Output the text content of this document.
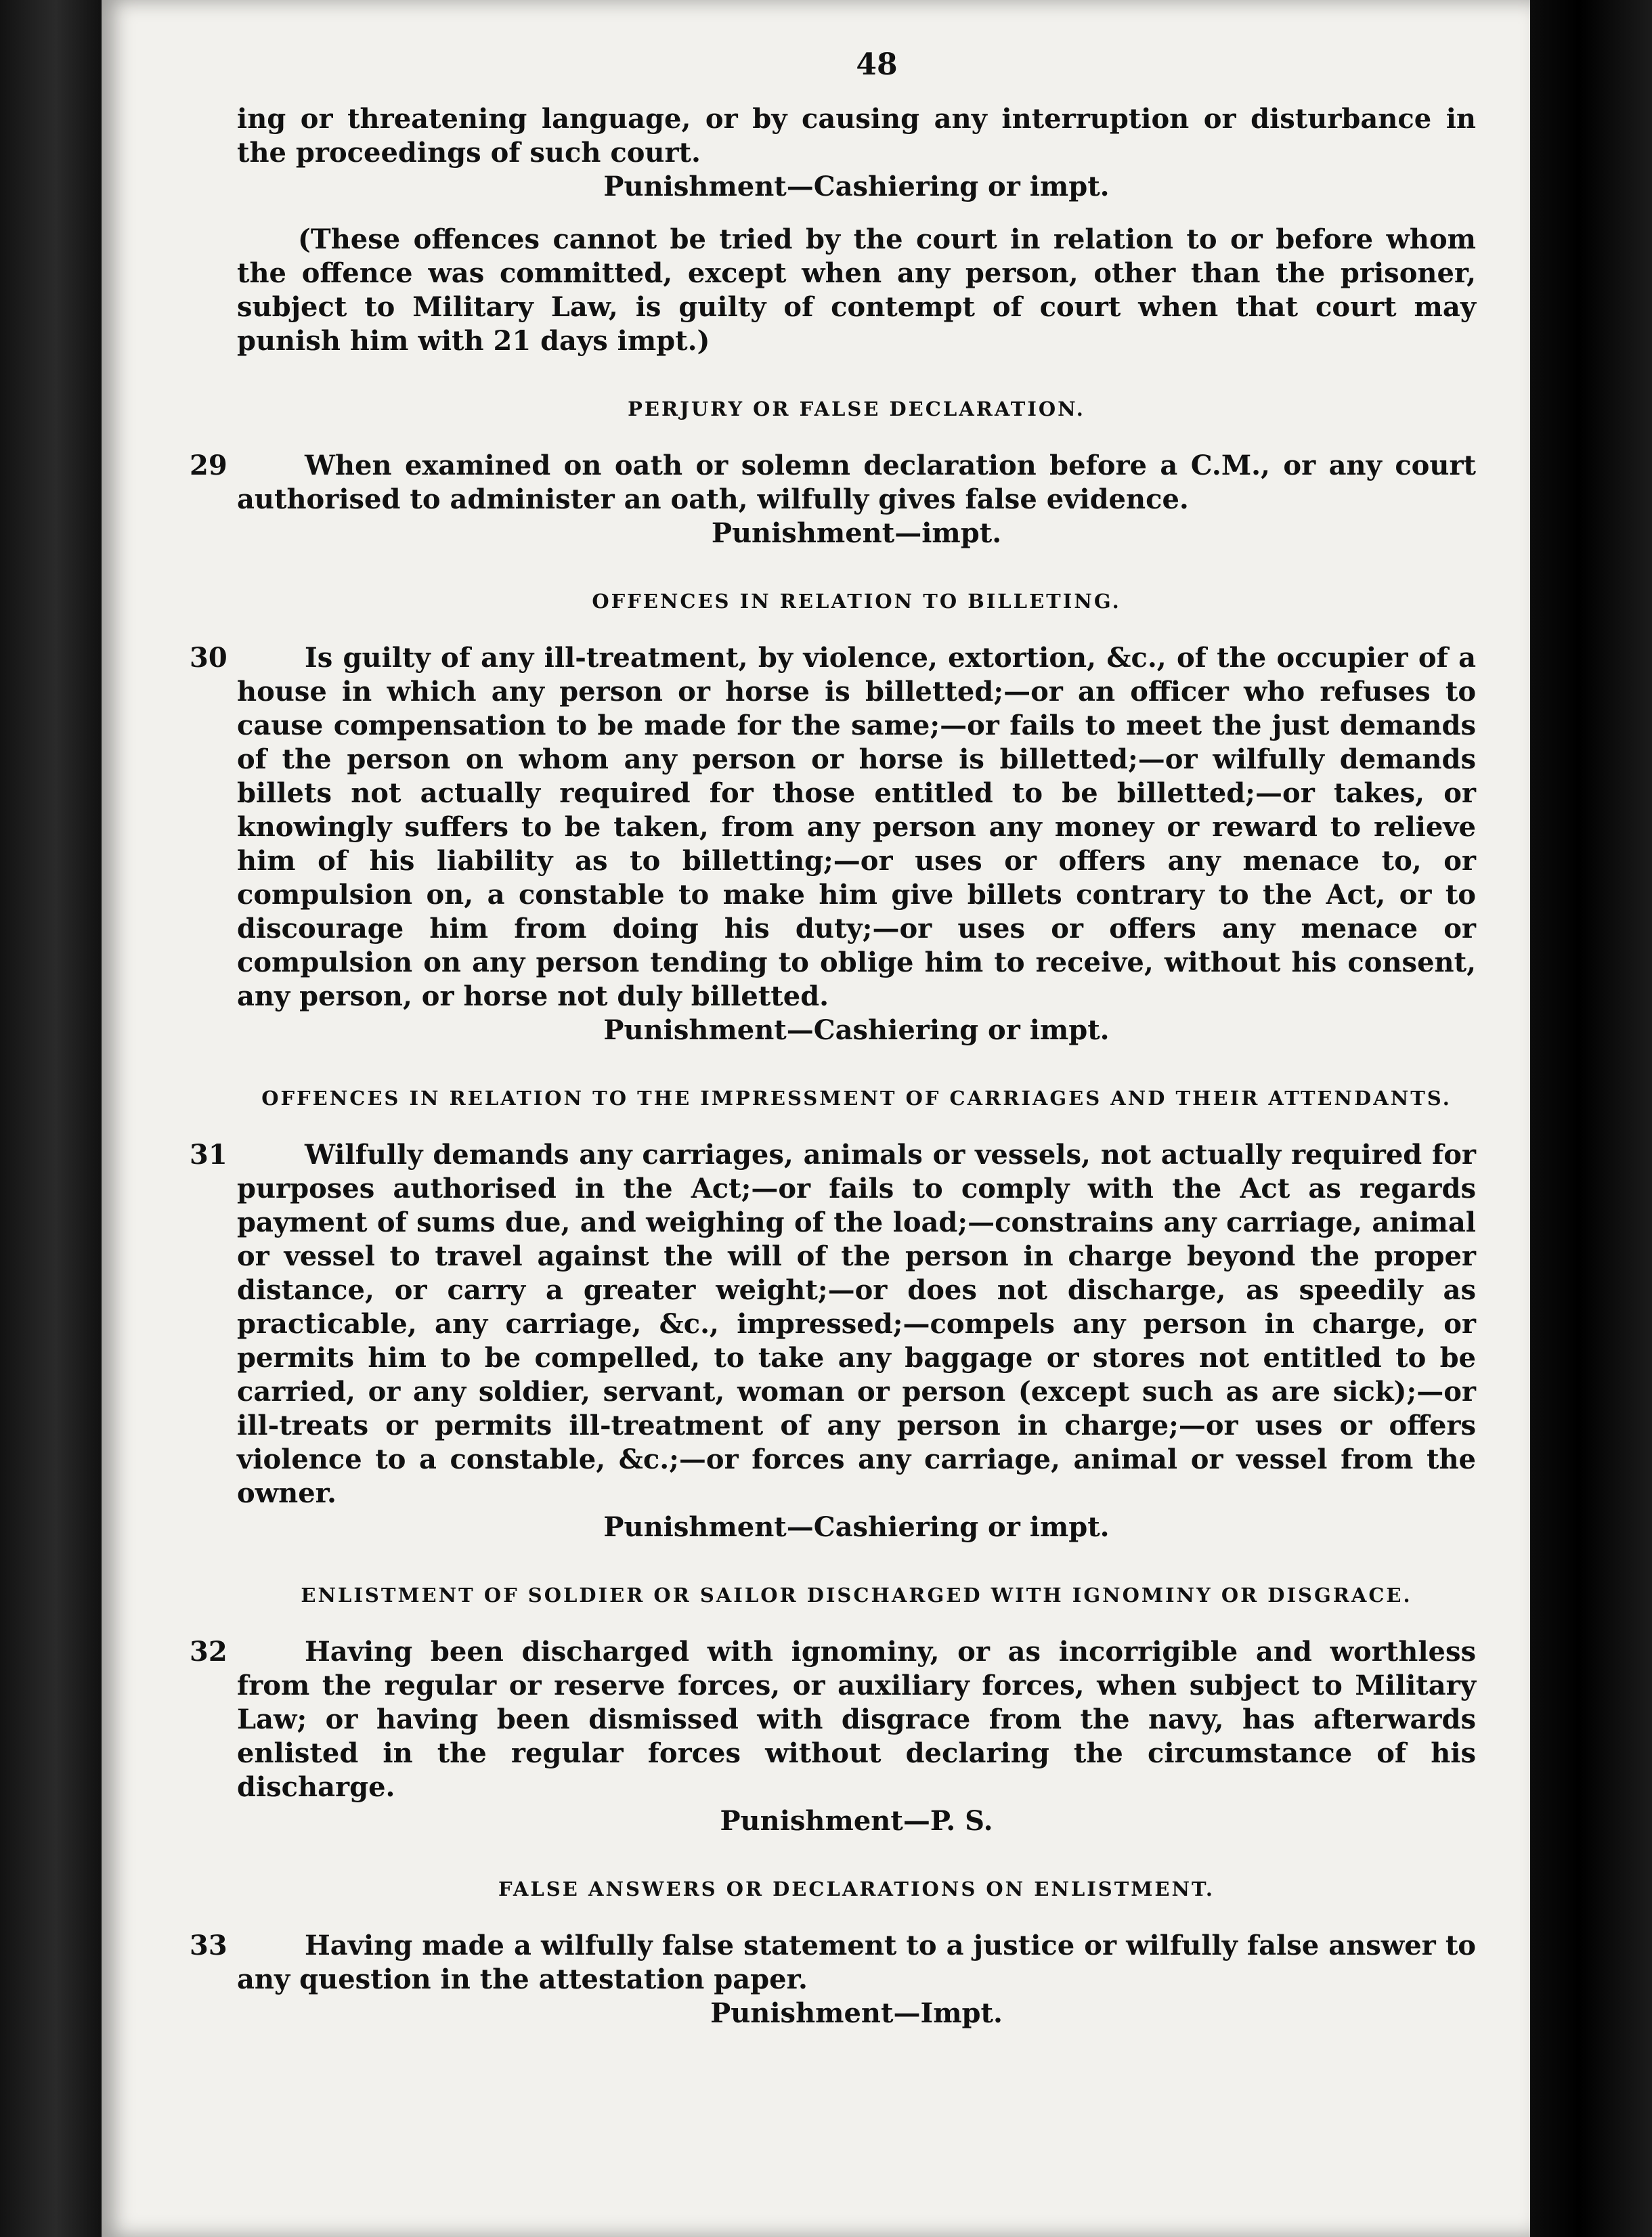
48

ing or threatening language, or by causing any interruption or disturbance in the proceedings of such court.

Punishment—Cashiering or impt.

(These offences cannot be tried by the court in relation to or before whom the offence was committed, except when any person, other than the prisoner, subject to Military Law, is guilty of contempt of court when that court may punish him with 21 days impt.)

PERJURY OR FALSE DECLARATION.
29	When examined on oath or solemn declaration before a C.M., or any court authorised to administer an oath, wilfully gives false evidence.

Punishment—impt.
OFFENCES IN RELATION TO BILLETING.
30	Is guilty of any ill-treatment, by violence, extortion, &c., of the occupier of a house in which any person or horse is billetted;—or an officer who refuses to cause compensation to be made for the same;—or fails to meet the just demands of the person on whom any person or horse is billetted;—or wilfully demands billets not actually required for those entitled to be billetted;—or takes, or knowingly suffers to be taken, from any person any money or reward to relieve him of his liability as to billetting;—or uses or offers any menace to, or compulsion on, a constable to make him give billets contrary to the Act, or to discourage him from doing his duty;—or uses or offers any menace or compulsion on any person tending to oblige him to receive, without his consent, any person, or horse not duly billetted.

Punishment—Cashiering or impt.
OFFENCES IN RELATION TO THE IMPRESSMENT OF CARRIAGES AND THEIR ATTENDANTS.
31	Wilfully demands any carriages, animals or vessels, not actually required for purposes authorised in the Act;—or fails to comply with the Act as regards payment of sums due, and weighing of the load;—constrains any carriage, animal or vessel to travel against the will of the person in charge beyond the proper distance, or carry a greater weight;—or does not discharge, as speedily as practicable, any carriage, &c., impressed;—compels any person in charge, or permits him to be compelled, to take any baggage or stores not entitled to be carried, or any soldier, servant, woman or person (except such as are sick);—or ill-treats or permits ill-treatment of any person in charge;—or uses or offers violence to a constable, &c.;—or forces any carriage, animal or vessel from the owner.

Punishment—Cashiering or impt.
ENLISTMENT OF SOLDIER OR SAILOR DISCHARGED WITH IGNOMINY OR DISGRACE.
32	Having been discharged with ignominy, or as incorrigible and worthless from the regular or reserve forces, or auxiliary forces, when subject to Military Law; or having been dismissed with disgrace from the navy, has afterwards enlisted in the regular forces without declaring the circumstance of his discharge.

Punishment—P. S.
FALSE ANSWERS OR DECLARATIONS ON ENLISTMENT.
33	Having made a wilfully false statement to a justice or wilfully false answer to any question in the attestation paper.

Punishment—Impt.
